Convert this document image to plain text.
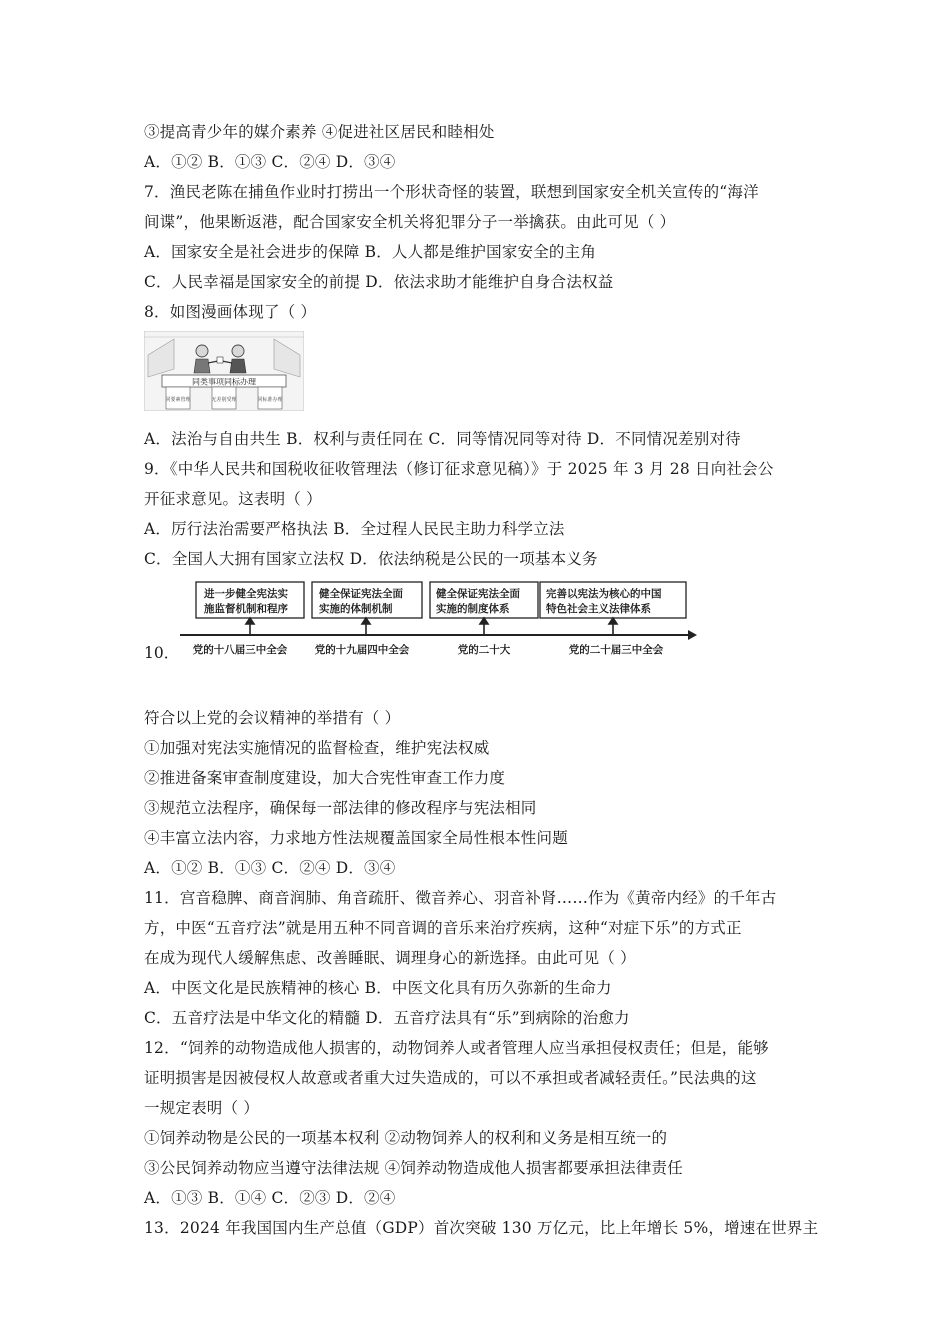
③提高青少年的媒介素养 ④促进社区居民和睦相处
A．①② B．①③ C．②④ D．③④
7．渔民老陈在捕鱼作业时打捞出一个形状奇怪的装置，联想到国家安全机关宣传的“海洋
间谍”，他果断返港，配合国家安全机关将犯罪分子一举擒获。由此可见（ ）
A．国家安全是社会进步的保障 B．人人都是维护国家安全的主角
C．人民幸福是国家安全的前提 D．依法求助才能维护自身合法权益
8．如图漫画体现了（ ）
同类事项同标办理
同要素管理	无差别受理	同标准办理
A．法治与自由共生 B．权利与责任同在 C．同等情况同等对待 D．不同情况差别对待
9．《中华人民共和国税收征收管理法（修订征求意见稿）》于 2025 年 3 月 28 日向社会公
开征求意见。这表明（ ）
A．厉行法治需要严格执法 B．全过程人民民主助力科学立法
C．全国人大拥有国家立法权 D．依法纳税是公民的一项基本义务
10．
进一步健全宪法实
施监督机制和程序
健全保证宪法全面
实施的体制机制
健全保证宪法全面
实施的制度体系
完善以宪法为核心的中国
特色社会主义法律体系
党的十八届三中全会	党的十九届四中全会	党的二十大	党的二十届三中全会
符合以上党的会议精神的举措有（ ）
①加强对宪法实施情况的监督检查，维护宪法权威
②推进备案审查制度建设，加大合宪性审查工作力度
③规范立法程序，确保每一部法律的修改程序与宪法相同
④丰富立法内容，力求地方性法规覆盖国家全局性根本性问题
A．①② B．①③ C．②④ D．③④
11．宫音稳脾、商音润肺、角音疏肝、徵音养心、羽音补肾……作为《黄帝内经》的千年古
方，中医“五音疗法”就是用五种不同音调的音乐来治疗疾病，这种“对症下乐”的方式正
在成为现代人缓解焦虑、改善睡眠、调理身心的新选择。由此可见（ ）
A．中医文化是民族精神的核心 B．中医文化具有历久弥新的生命力
C．五音疗法是中华文化的精髓 D．五音疗法具有“乐”到病除的治愈力
12．“饲养的动物造成他人损害的，动物饲养人或者管理人应当承担侵权责任；但是，能够
证明损害是因被侵权人故意或者重大过失造成的，可以不承担或者减轻责任。”民法典的这
一规定表明（ ）
①饲养动物是公民的一项基本权利 ②动物饲养人的权利和义务是相互统一的
③公民饲养动物应当遵守法律法规 ④饲养动物造成他人损害都要承担法律责任
A．①③ B．①④ C．②③ D．②④
13．2024 年我国国内生产总值（GDP）首次突破 130 万亿元，比上年增长 5%，增速在世界主
